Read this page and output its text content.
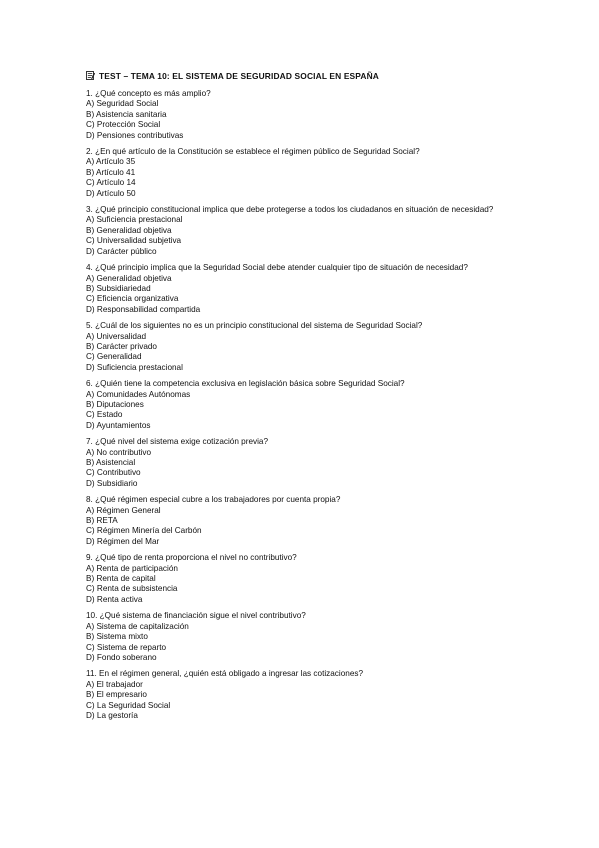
TEST – TEMA 10: EL SISTEMA DE SEGURIDAD SOCIAL EN ESPAÑA
1. ¿Qué concepto es más amplio?
A) Seguridad Social
B) Asistencia sanitaria
C) Protección Social
D) Pensiones contributivas
2. ¿En qué artículo de la Constitución se establece el régimen público de Seguridad Social?
A) Artículo 35
B) Artículo 41
C) Artículo 14
D) Artículo 50
3. ¿Qué principio constitucional implica que debe protegerse a todos los ciudadanos en situación de necesidad?
A) Suficiencia prestacional
B) Generalidad objetiva
C) Universalidad subjetiva
D) Carácter público
4. ¿Qué principio implica que la Seguridad Social debe atender cualquier tipo de situación de necesidad?
A) Generalidad objetiva
B) Subsidiariedad
C) Eficiencia organizativa
D) Responsabilidad compartida
5. ¿Cuál de los siguientes no es un principio constitucional del sistema de Seguridad Social?
A) Universalidad
B) Carácter privado
C) Generalidad
D) Suficiencia prestacional
6. ¿Quién tiene la competencia exclusiva en legislación básica sobre Seguridad Social?
A) Comunidades Autónomas
B) Diputaciones
C) Estado
D) Ayuntamientos
7. ¿Qué nivel del sistema exige cotización previa?
A) No contributivo
B) Asistencial
C) Contributivo
D) Subsidiario
8. ¿Qué régimen especial cubre a los trabajadores por cuenta propia?
A) Régimen General
B) RETA
C) Régimen Minería del Carbón
D) Régimen del Mar
9. ¿Qué tipo de renta proporciona el nivel no contributivo?
A) Renta de participación
B) Renta de capital
C) Renta de subsistencia
D) Renta activa
10. ¿Qué sistema de financiación sigue el nivel contributivo?
A) Sistema de capitalización
B) Sistema mixto
C) Sistema de reparto
D) Fondo soberano
11. En el régimen general, ¿quién está obligado a ingresar las cotizaciones?
A) El trabajador
B) El empresario
C) La Seguridad Social
D) La gestoría
